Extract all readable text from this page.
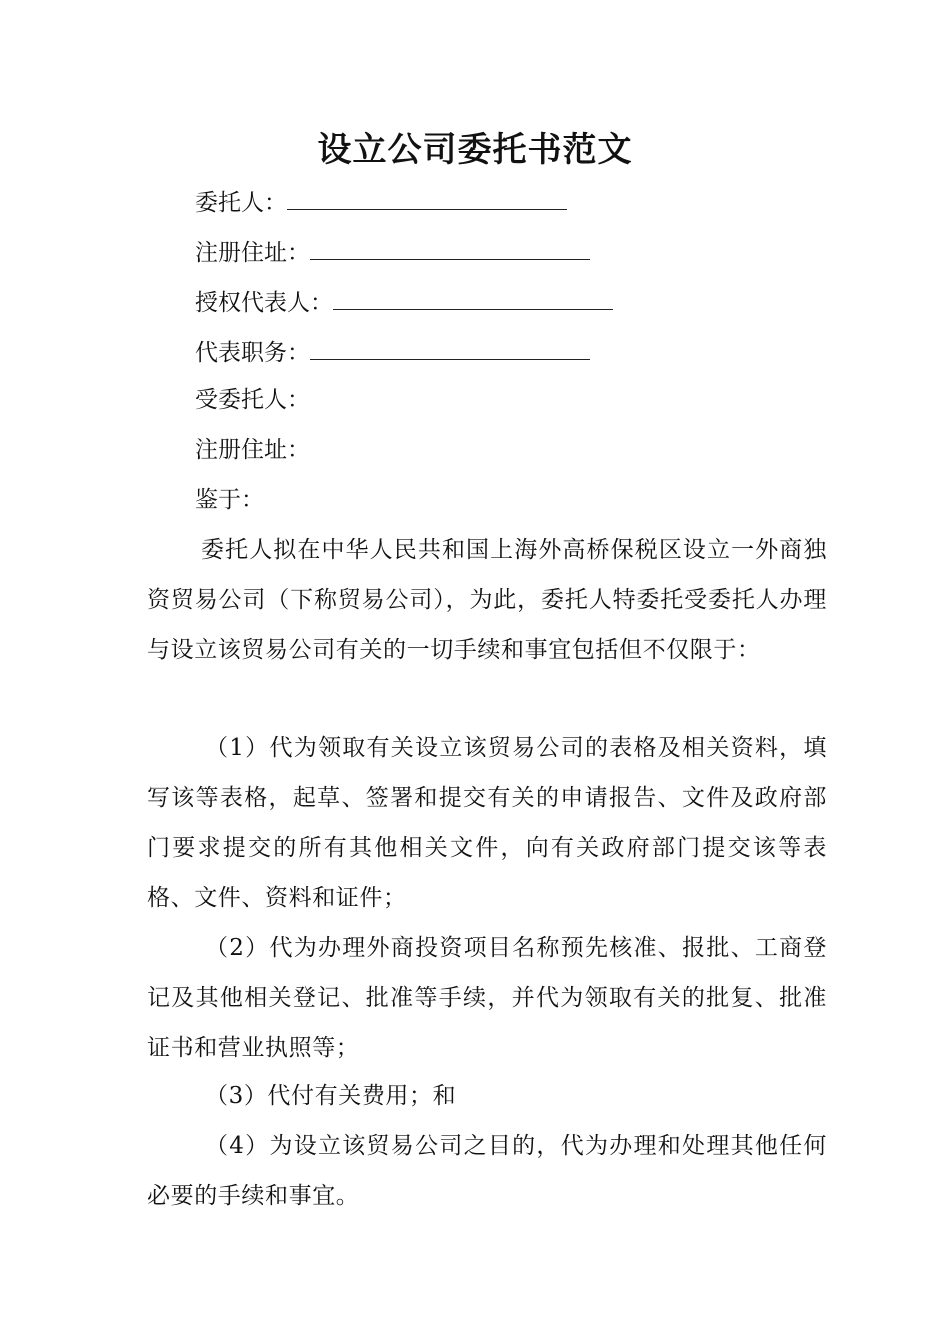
设立公司委托书范文
委托人：
注册住址：
授权代表人：
代表职务：
受委托人：
注册住址：
鉴于：
委托人拟在中华人民共和国上海外高桥保税区设立一外商独资贸易公司（下称贸易公司），为此，委托人特委托受委托人办理与设立该贸易公司有关的一切手续和事宜包括但不仅限于：
（1）代为领取有关设立该贸易公司的表格及相关资料，填写该等表格，起草、签署和提交有关的申请报告、文件及政府部门要求提交的所有其他相关文件，向有关政府部门提交该等表格、文件、资料和证件；
（2）代为办理外商投资项目名称预先核准、报批、工商登记及其他相关登记、批准等手续，并代为领取有关的批复、批准证书和营业执照等；
（3）代付有关费用；和
（4）为设立该贸易公司之目的，代为办理和处理其他任何必要的手续和事宜。
